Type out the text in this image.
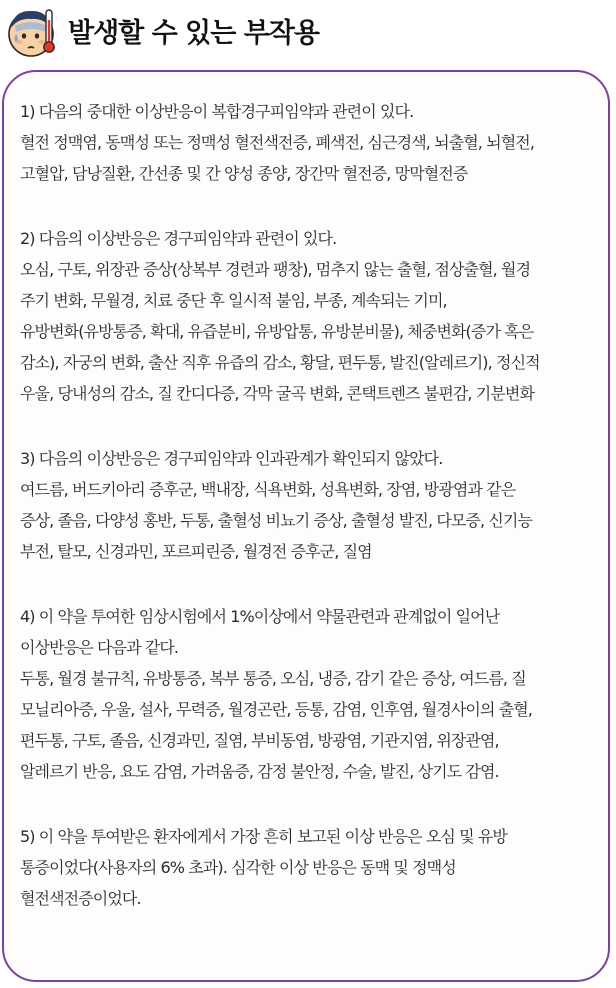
발생할 수 있는 부작용
1) 다음의 중대한 이상반응이 복합경구피임약과 관련이 있다.
혈전 정맥염, 동맥성 또는 정맥성 혈전색전증, 폐색전, 심근경색, 뇌출혈, 뇌혈전,
고혈압, 담낭질환, 간선종 및 간 양성 종양, 장간막 혈전증, 망막혈전증
2) 다음의 이상반응은 경구피임약과 관련이 있다.
오심, 구토, 위장관 증상(상복부 경련과 팽창), 멈추지 않는 출혈, 점상출혈, 월경
주기 변화, 무월경, 치료 중단 후 일시적 불임, 부종, 계속되는 기미,
유방변화(유방통증, 확대, 유즙분비, 유방압통, 유방분비물), 체중변화(증가 혹은
감소), 자궁의 변화, 출산 직후 유즙의 감소, 황달, 편두통, 발진(알레르기), 정신적
우울, 당내성의 감소, 질 칸디다증, 각막 굴곡 변화, 콘택트렌즈 불편감, 기분변화
3) 다음의 이상반응은 경구피임약과 인과관계가 확인되지 않았다.
여드름, 버드키아리 증후군, 백내장, 식욕변화, 성욕변화, 장염, 방광염과 같은
증상, 졸음, 다양성 홍반, 두통, 출혈성 비뇨기 증상, 출혈성 발진, 다모증, 신기능
부전, 탈모, 신경과민, 포르피린증, 월경전 증후군, 질염
4) 이 약을 투여한 임상시험에서 1%이상에서 약물관련과 관계없이 일어난
이상반응은 다음과 같다.
두통, 월경 불규칙, 유방통증, 복부 통증, 오심, 냉증, 감기 같은 증상, 여드름, 질
모닐리아증, 우울, 설사, 무력증, 월경곤란, 등통, 감염, 인후염, 월경사이의 출혈,
편두통, 구토, 졸음, 신경과민, 질염, 부비동염, 방광염, 기관지염, 위장관염,
알레르기 반응, 요도 감염, 가려움증, 감정 불안정, 수술, 발진, 상기도 감염.
5) 이 약을 투여받은 환자에게서 가장 흔히 보고된 이상 반응은 오심 및 유방
통증이었다(사용자의 6% 초과). 심각한 이상 반응은 동맥 및 정맥성
혈전색전증이었다.
